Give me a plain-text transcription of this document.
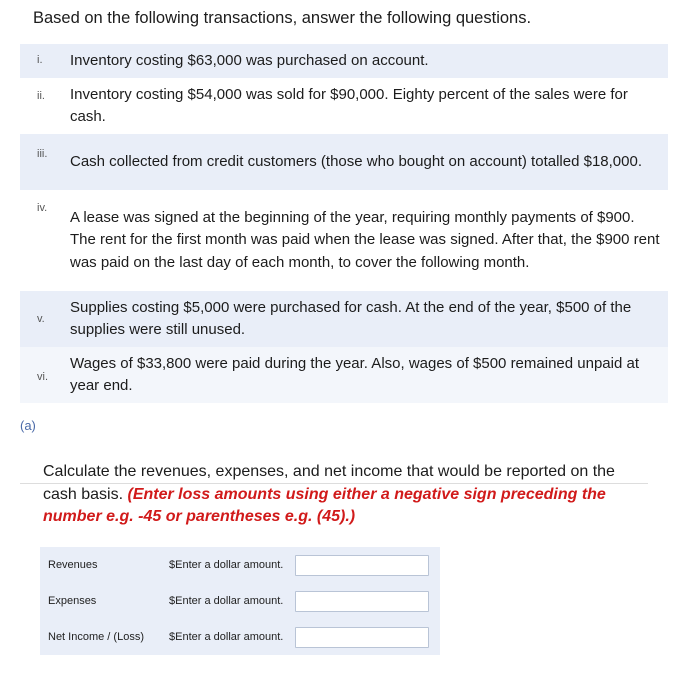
Based on the following transactions, answer the following questions.
i. Inventory costing $63,000 was purchased on account.
ii. Inventory costing $54,000 was sold for $90,000. Eighty percent of the sales were for cash.
iii. Cash collected from credit customers (those who bought on account) totalled $18,000.
iv.
A lease was signed at the beginning of the year, requiring monthly payments of $900. The rent for the first month was paid when the lease was signed. After that, the $900 rent was paid on the last day of each month, to cover the following month.
v.
Supplies costing $5,000 were purchased for cash. At the end of the year, $500 of the supplies were still unused.
vi.
Wages of $33,800 were paid during the year. Also, wages of $500 remained unpaid at year end.
(a)
Calculate the revenues, expenses, and net income that would be reported on the cash basis. (Enter loss amounts using either a negative sign preceding the number e.g. -45 or parentheses e.g. (45).)
Revenues	$Enter a dollar amount.
Expenses	$Enter a dollar amount.
Net Income / (Loss) $Enter a dollar amount.
